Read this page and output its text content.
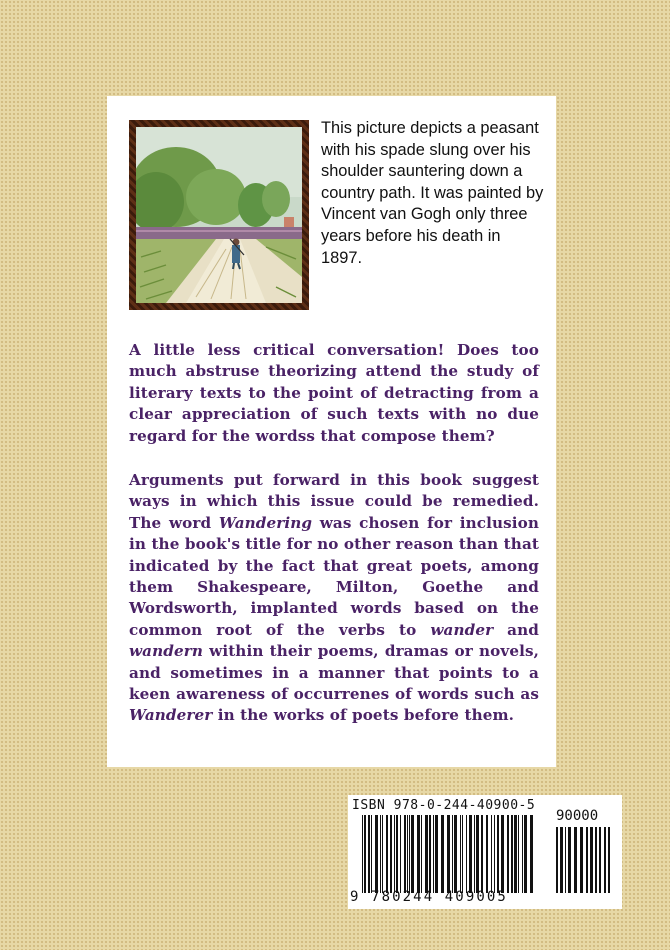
This picture depicts a peasant with his spade slung over his shoulder sauntering down a country path. It was painted by Vincent van Gogh only three years before his death in 1897.

A little less critical conversation! Does too much abstruse theorizing attend the study of literary texts to the point of detracting from a clear appreciation of such texts with no due regard for the wordss that compose them?

Arguments put forward in this book suggest ways in which this issue could be remedied. The word Wandering was chosen for inclusion in the book's title for no other reason than that indicated by the fact that great poets, among them Shakespeare, Milton, Goethe and Wordsworth, implanted words based on the common root of the verbs to wander and wandern within their poems, dramas or novels, and sometimes in a manner that points to a keen awareness of occurrenes of words such as Wanderer in the works of poets before them.

ISBN 978-0-244-40900-5
90000
9 780244 409005
